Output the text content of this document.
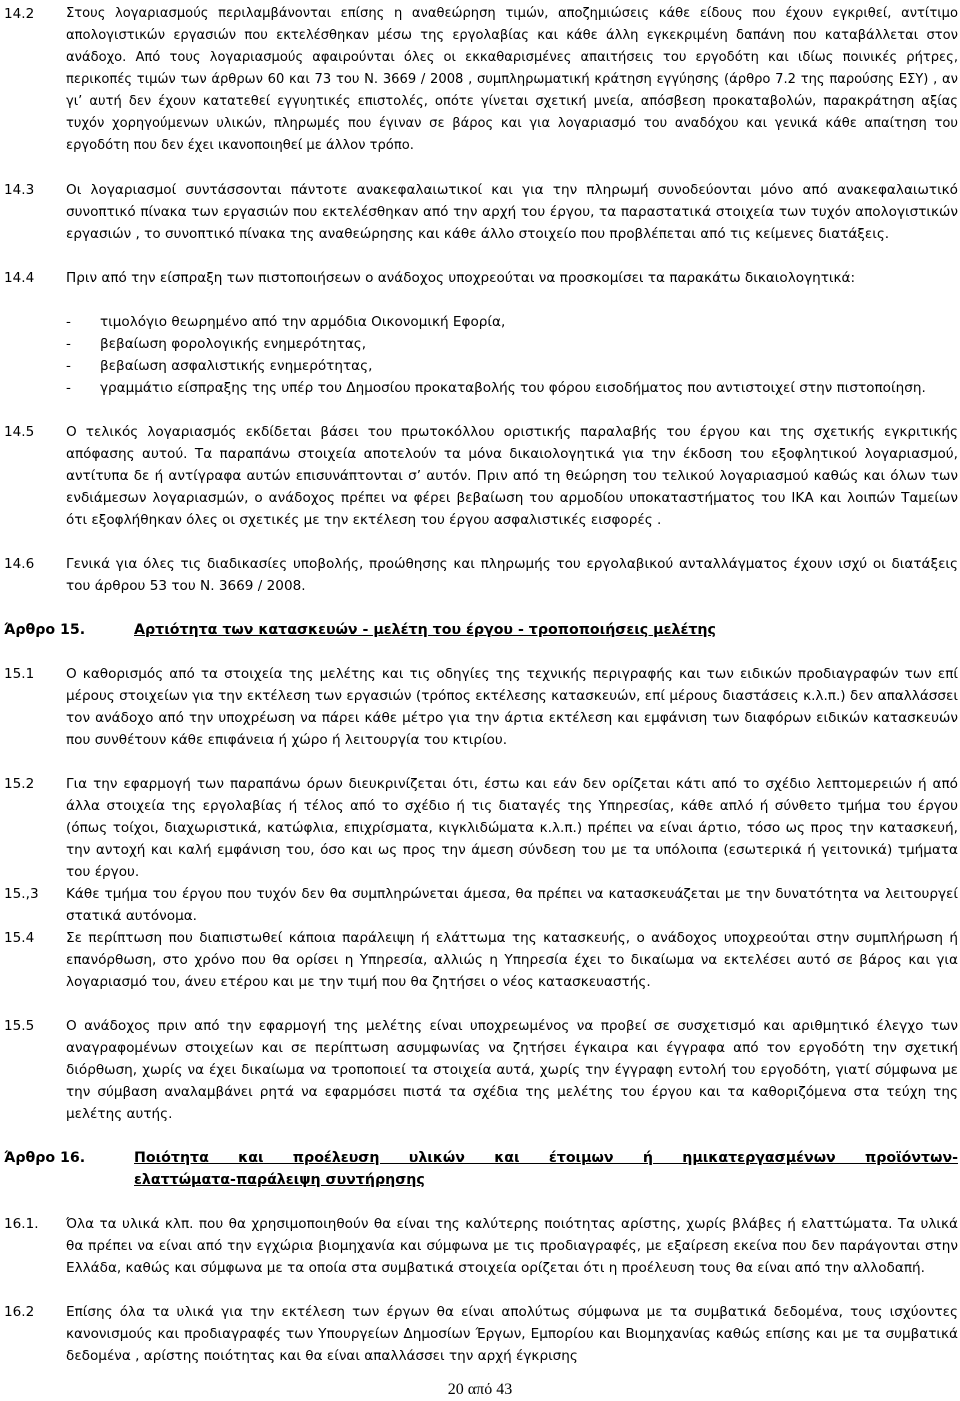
14.2 Στους λογαριασμούς περιλαμβάνονται επίσης η αναθεώρηση τιμών, αποζημιώσεις κάθε είδους που έχουν εγκριθεί, αντίτιμο απολογιστικών εργασιών που εκτελέσθηκαν μέσω της εργολαβίας και κάθε άλλη εγκεκριμένη δαπάνη που καταβάλλεται στον ανάδοχο. Από τους λογαριασμούς αφαιρούνται όλες οι εκκαθαρισμένες απαιτήσεις του εργοδότη και ιδίως ποινικές ρήτρες, περικοπές τιμών των άρθρων 60 και 73 του Ν. 3669 / 2008 , συμπληρωματική κράτηση εγγύησης (άρθρο 7.2 της παρούσης ΕΣΥ) , αν γι’ αυτή δεν έχουν κατατεθεί εγγυητικές επιστολές, οπότε γίνεται σχετική μνεία, απόσβεση προκαταβολών, παρακράτηση αξίας τυχόν χορηγούμενων υλικών, πληρωμές που έγιναν σε βάρος και για λογαριασμό του αναδόχου και γενικά κάθε απαίτηση του εργοδότη που δεν έχει ικανοποιηθεί με άλλον τρόπο.
14.3 Οι λογαριασμοί συντάσσονται πάντοτε ανακεφαλαιωτικοί και για την πληρωμή συνοδεύονται μόνο από ανακεφαλαιωτικό συνοπτικό πίνακα των εργασιών που εκτελέσθηκαν από την αρχή του έργου, τα παραστατικά στοιχεία των τυχόν απολογιστικών εργασιών , το συνοπτικό πίνακα της αναθεώρησης και κάθε άλλο στοιχείο που προβλέπεται από τις κείμενες διατάξεις.
14.4 Πριν από την είσπραξη των πιστοποιήσεων ο ανάδοχος υποχρεούται να προσκομίσει τα παρακάτω δικαιολογητικά:
- τιμολόγιο θεωρημένο από την αρμόδια Οικονομική Εφορία,
- βεβαίωση φορολογικής ενημερότητας,
- βεβαίωση ασφαλιστικής ενημερότητας,
- γραμμάτιο είσπραξης της υπέρ του Δημοσίου προκαταβολής του φόρου εισοδήματος που αντιστοιχεί στην πιστοποίηση.
14.5 Ο τελικός λογαριασμός εκδίδεται βάσει του πρωτοκόλλου οριστικής παραλαβής του έργου και της σχετικής εγκριτικής απόφασης αυτού. Τα παραπάνω στοιχεία αποτελούν τα μόνα δικαιολογητικά για την έκδοση του εξοφλητικού λογαριασμού, αντίτυπα δε ή αντίγραφα αυτών επισυνάπτονται σ’ αυτόν. Πριν από τη θεώρηση του τελικού λογαριασμού καθώς και όλων των ενδιάμεσων λογαριασμών, ο ανάδοχος πρέπει να φέρει βεβαίωση του αρμοδίου υποκαταστήματος του ΙΚΑ και λοιπών Ταμείων ότι εξοφλήθηκαν όλες οι σχετικές με την εκτέλεση του έργου ασφαλιστικές εισφορές .
14.6 Γενικά για όλες τις διαδικασίες υποβολής, προώθησης και πληρωμής του εργολαβικού ανταλλάγματος έχουν ισχύ οι διατάξεις του άρθρου 53 του Ν. 3669 / 2008.
Άρθρο 15.	Αρτιότητα των κατασκευών - μελέτη του έργου - τροποποιήσεις μελέτης
15.1 Ο καθορισμός από τα στοιχεία της μελέτης και τις οδηγίες της τεχνικής περιγραφής και των ειδικών προδιαγραφών των επί μέρους στοιχείων για την εκτέλεση των εργασιών (τρόπος εκτέλεσης κατασκευών, επί μέρους διαστάσεις κ.λ.π.) δεν απαλλάσσει τον ανάδοχο από την υποχρέωση να πάρει κάθε μέτρο για την άρτια εκτέλεση και εμφάνιση των διαφόρων ειδικών κατασκευών που συνθέτουν κάθε επιφάνεια ή χώρο ή λειτουργία του κτιρίου.
15.2 Για την εφαρμογή των παραπάνω όρων διευκρινίζεται ότι, έστω και εάν δεν ορίζεται κάτι από το σχέδιο λεπτομερειών ή από άλλα στοιχεία της εργολαβίας ή τέλος από το σχέδιο ή τις διαταγές της Υπηρεσίας, κάθε απλό ή σύνθετο τμήμα του έργου (όπως τοίχοι, διαχωριστικά, κατώφλια, επιχρίσματα, κιγκλιδώματα κ.λ.π.) πρέπει να είναι άρτιο, τόσο ως προς την κατασκευή, την αντοχή και καλή εμφάνιση του, όσο και ως προς την άμεση σύνδεση του με τα υπόλοιπα (εσωτερικά ή γειτονικά) τμήματα του έργου.
15.,3 Κάθε τμήμα του έργου που τυχόν δεν θα συμπληρώνεται άμεσα, θα πρέπει να κατασκευάζεται με την δυνατότητα να λειτουργεί στατικά αυτόνομα.
15.4 Σε περίπτωση που διαπιστωθεί κάποια παράλειψη ή ελάττωμα της κατασκευής, ο ανάδοχος υποχρεούται στην συμπλήρωση ή επανόρθωση, στο χρόνο που θα ορίσει η Υπηρεσία, αλλιώς η Υπηρεσία έχει το δικαίωμα να εκτελέσει αυτό σε βάρος και για λογαριασμό του, άνευ ετέρου και με την τιμή που θα ζητήσει ο νέος κατασκευαστής.
15.5 Ο ανάδοχος πριν από την εφαρμογή της μελέτης είναι υποχρεωμένος να προβεί σε συσχετισμό και αριθμητικό έλεγχο των αναγραφομένων στοιχείων και σε περίπτωση ασυμφωνίας να ζητήσει έγκαιρα και έγγραφα από τον εργοδότη την σχετική διόρθωση, χωρίς να έχει δικαίωμα να τροποποιεί τα στοιχεία αυτά, χωρίς την έγγραφη εντολή του εργοδότη, γιατί σύμφωνα με την σύμβαση αναλαμβάνει ρητά να εφαρμόσει πιστά τα σχέδια της μελέτης του έργου και τα καθοριζόμενα στα τεύχη της μελέτης αυτής.
Άρθρο 16.	Ποιότητα και προέλευση υλικών και έτοιμων ή ημικατεργασμένων προϊόντων-
ελαττώματα-παράλειψη συντήρησης
16.1. Όλα τα υλικά κλπ. που θα χρησιμοποιηθούν θα είναι της καλύτερης ποιότητας αρίστης, χωρίς βλάβες ή ελαττώματα. Τα υλικά θα πρέπει να είναι από την εγχώρια βιομηχανία και σύμφωνα με τις προδιαγραφές, με εξαίρεση εκείνα που δεν παράγονται στην Ελλάδα, καθώς και σύμφωνα με τα οποία στα συμβατικά στοιχεία ορίζεται ότι η προέλευση τους θα είναι από την αλλοδαπή.
16.2 Επίσης όλα τα υλικά για την εκτέλεση των έργων θα είναι απολύτως σύμφωνα με τα συμβατικά δεδομένα, τους ισχύοντες κανονισμούς και προδιαγραφές των Υπουργείων Δημοσίων Έργων, Εμπορίου και Βιομηχανίας καθώς επίσης και με τα συμβατικά δεδομένα , αρίστης ποιότητας και θα είναι απαλλάσσει την αρχή έγκρισης
20 από 43
